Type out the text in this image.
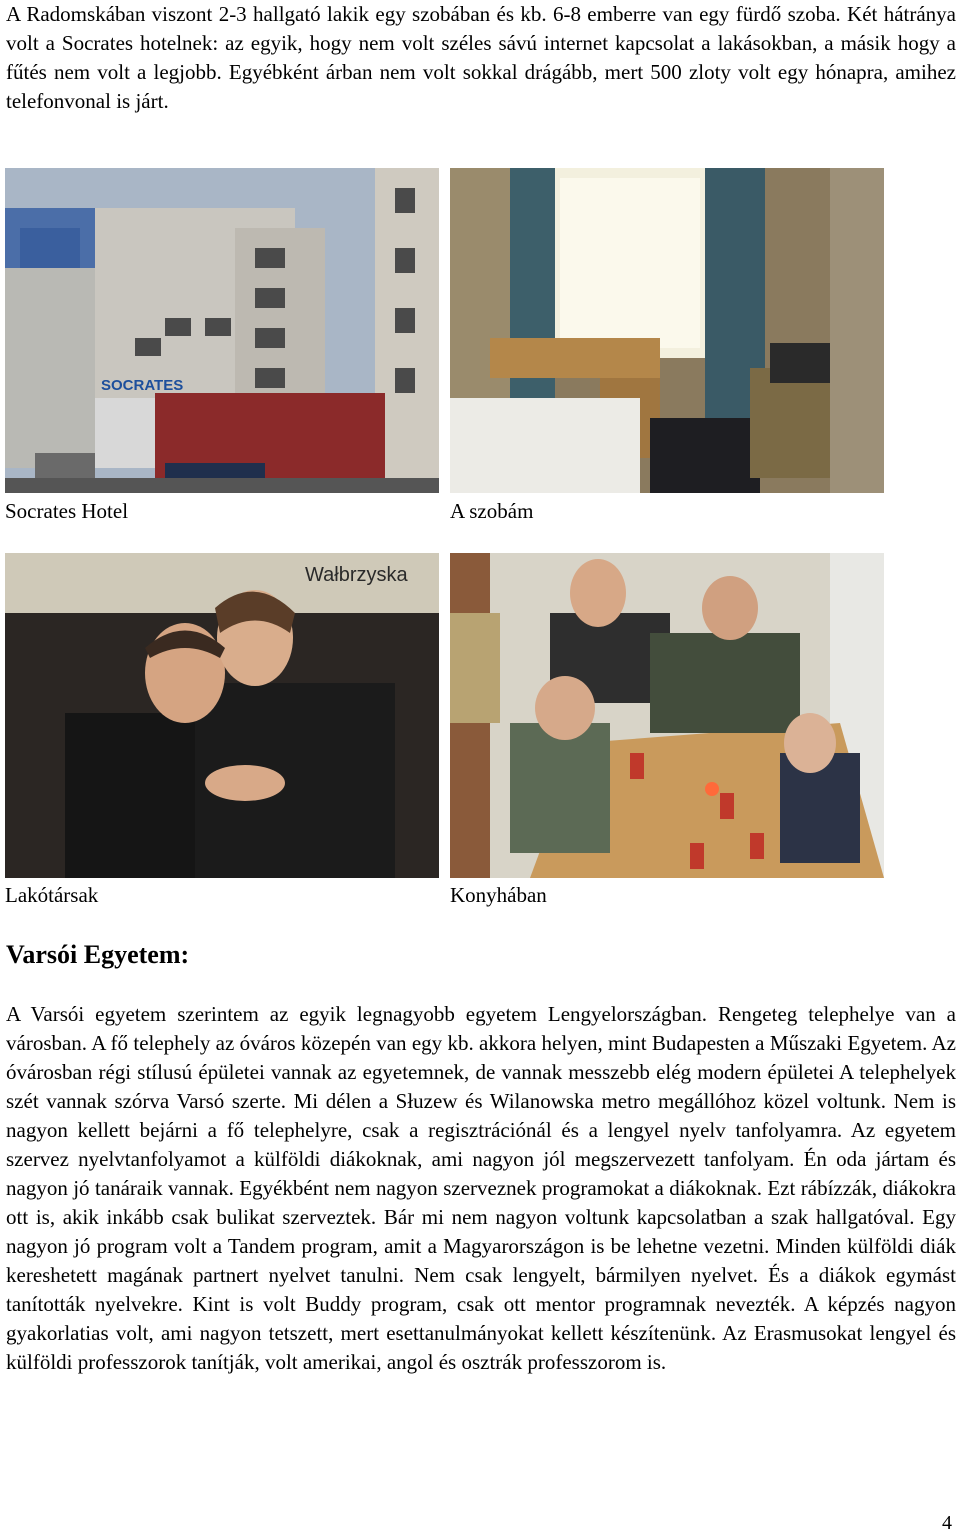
A Radomskában viszont 2-3 hallgató lakik egy szobában és kb. 6-8 emberre van egy fürdő szoba. Két hátránya volt a Socrates hotelnek: az egyik, hogy nem volt széles sávú internet kapcsolat a lakásokban, a másik hogy a fűtés nem volt a legjobb. Egyébként árban nem volt sokkal drágább, mert 500 zloty volt egy hónapra, amihez telefonvonal is járt.

SOCRATES
Socrates Hotel	A szobám
Wałbrzyska
Lakótársak	Konyhában
Varsói Egyetem:

A Varsói egyetem szerintem az egyik legnagyobb egyetem Lengyelországban. Rengeteg telephelye van a városban. A fő telephely az óváros közepén van egy kb. akkora helyen, mint Budapesten a Műszaki Egyetem. Az óvárosban régi stílusú épületei vannak az egyetemnek, de vannak messzebb elég modern épületei A telephelyek szét vannak szórva Varsó szerte. Mi délen a Słuzew és Wilanowska metro megállóhoz közel voltunk. Nem is nagyon kellett bejárni a fő telephelyre, csak a regisztrációnál és a lengyel nyelv tanfolyamra. Az egyetem szervez nyelvtanfolyamot a külföldi diákoknak, ami nagyon jól megszervezett tanfolyam. Én oda jártam és nagyon jó tanáraik vannak. Egyékbént nem nagyon szerveznek programokat a diákoknak. Ezt rábízzák, diákokra ott is, akik inkább csak bulikat szerveztek. Bár mi nem nagyon voltunk kapcsolatban a szak hallgatóval. Egy nagyon jó program volt a Tandem program, amit a Magyarországon is be lehetne vezetni. Minden külföldi diák kereshetett magának partnert nyelvet tanulni. Nem csak lengyelt, bármilyen nyelvet. És a diákok egymást tanították nyelvekre. Kint is volt Buddy program, csak ott mentor programnak nevezték. A képzés nagyon gyakorlatias volt, ami nagyon tetszett, mert esettanulmányokat kellett készítenünk. Az Erasmusokat lengyel és külföldi professzorok tanítják, volt amerikai, angol és osztrák professzorom is.

4
